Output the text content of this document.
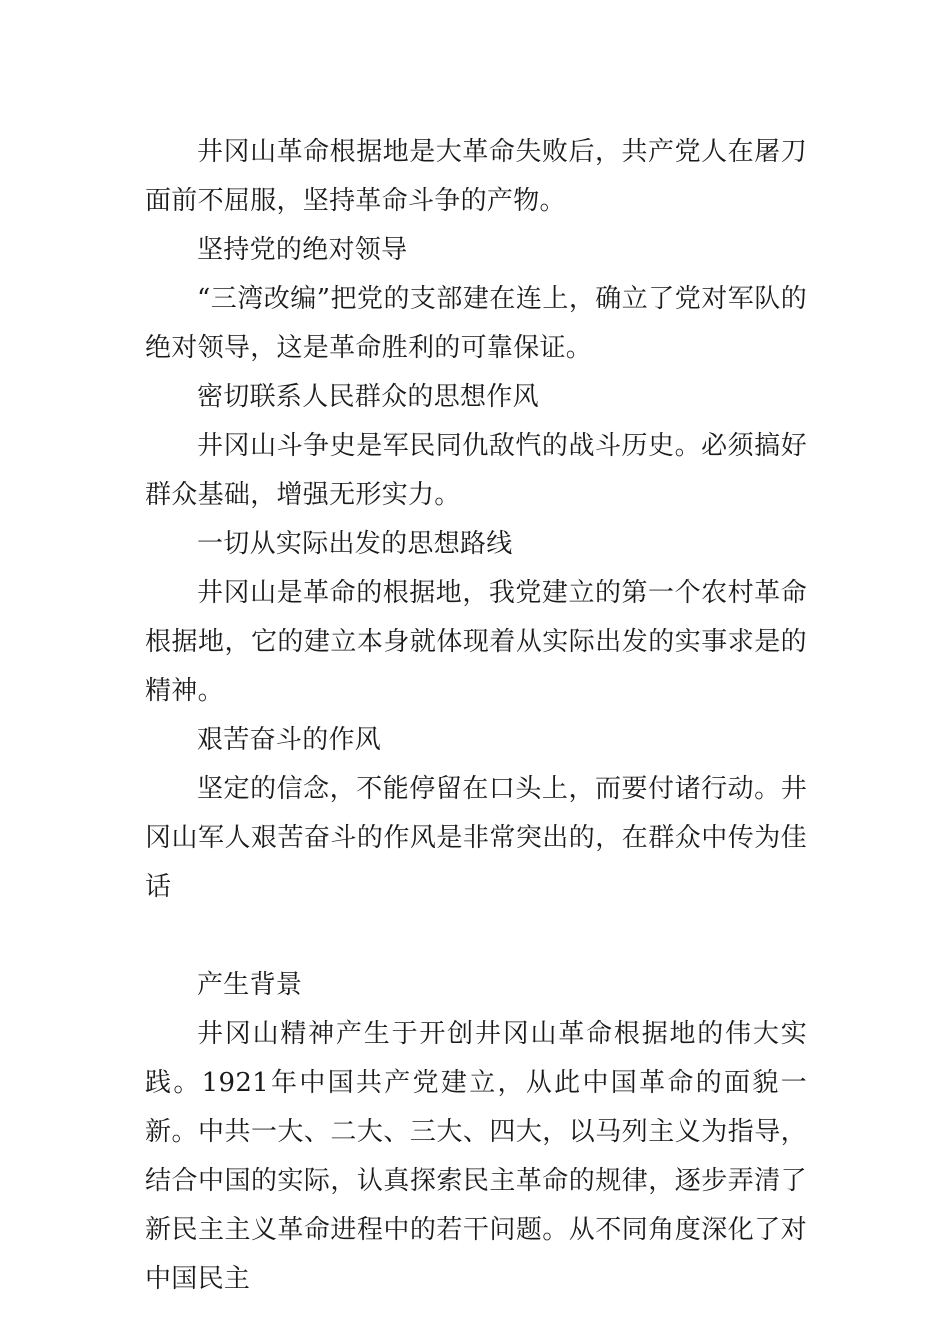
井冈山革命根据地是大革命失败后，共产党人在屠刀面前不屈服，坚持革命斗争的产物。

坚持党的绝对领导

“三湾改编”把党的支部建在连上，确立了党对军队的绝对领导，这是革命胜利的可靠保证。

密切联系人民群众的思想作风

井冈山斗争史是军民同仇敌忾的战斗历史。必须搞好群众基础，增强无形实力。

一切从实际出发的思想路线

井冈山是革命的根据地，我党建立的第一个农村革命根据地，它的建立本身就体现着从实际出发的实事求是的精神。

艰苦奋斗的作风

坚定的信念，不能停留在口头上，而要付诸行动。井冈山军人艰苦奋斗的作风是非常突出的，在群众中传为佳话

产生背景

井冈山精神产生于开创井冈山革命根据地的伟大实践。1921年中国共产党建立，从此中国革命的面貌一新。中共一大、二大、三大、四大，以马列主义为指导，结合中国的实际，认真探索民主革命的规律，逐步弄清了新民主主义革命进程中的若干问题。从不同角度深化了对中国民主
